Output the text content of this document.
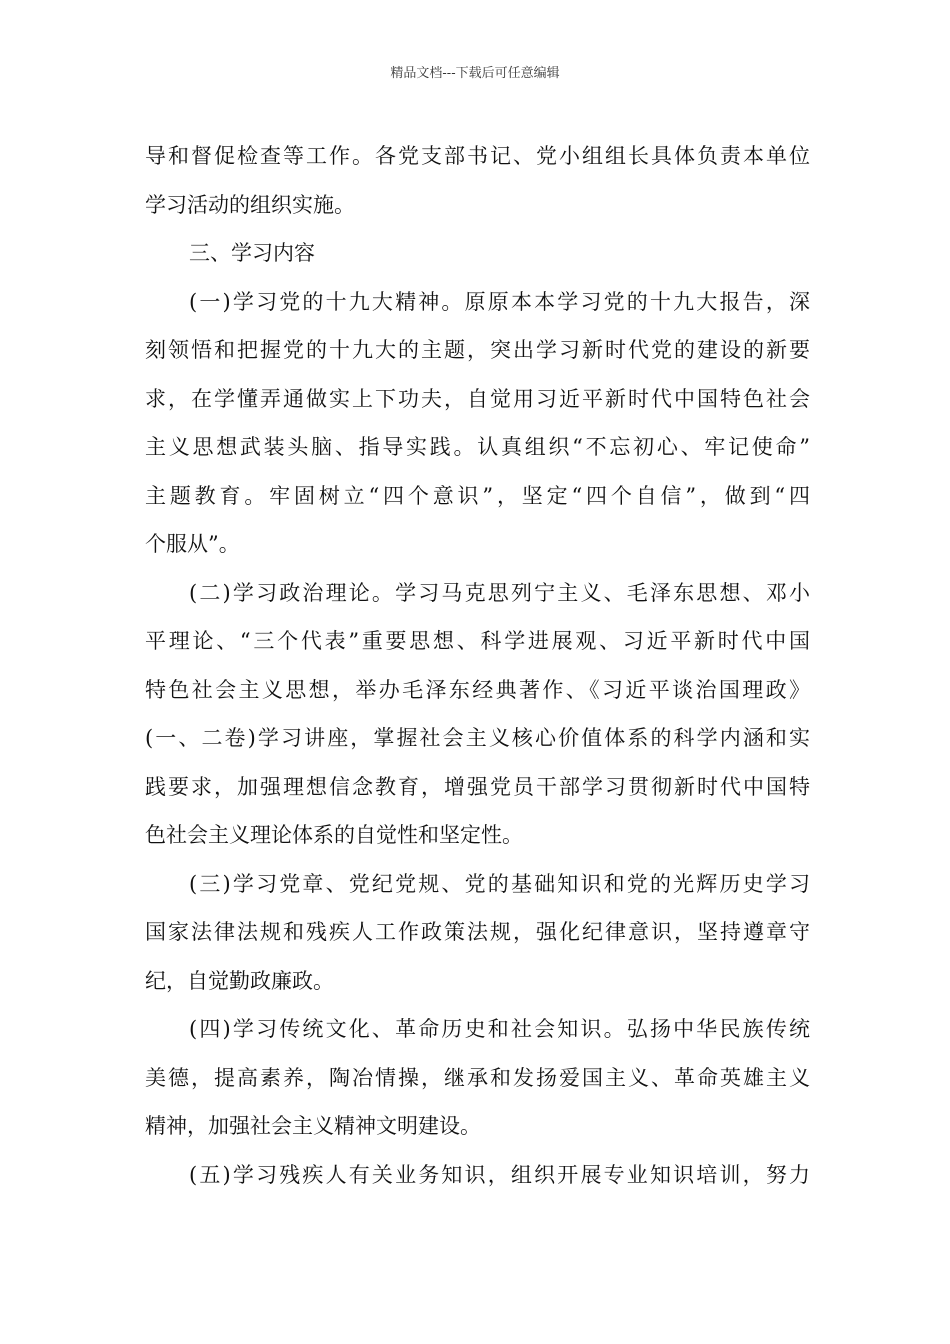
精品文档---下载后可任意编辑
导和督促检查等工作。各党支部书记、党小组组长具体负责本单位
学习活动的组织实施。
三、学习内容
(一)学习党的十九大精神。原原本本学习党的十九大报告，深
刻领悟和把握党的十九大的主题，突出学习新时代党的建设的新要
求，在学懂弄通做实上下功夫，自觉用习近平新时代中国特色社会
主义思想武装头脑、指导实践。认真组织“不忘初心、牢记使命”
主题教育。牢固树立“四个意识”，坚定“四个自信”，做到“四
个服从”。
(二)学习政治理论。学习马克思列宁主义、毛泽东思想、邓小
平理论、“三个代表”重要思想、科学进展观、习近平新时代中国
特色社会主义思想，举办毛泽东经典著作、《习近平谈治国理政》
(一、二卷)学习讲座，掌握社会主义核心价值体系的科学内涵和实
践要求，加强理想信念教育，增强党员干部学习贯彻新时代中国特
色社会主义理论体系的自觉性和坚定性。
(三)学习党章、党纪党规、党的基础知识和党的光辉历史学习
国家法律法规和残疾人工作政策法规，强化纪律意识，坚持遵章守
纪，自觉勤政廉政。
(四)学习传统文化、革命历史和社会知识。弘扬中华民族传统
美德，提高素养，陶冶情操，继承和发扬爱国主义、革命英雄主义
精神，加强社会主义精神文明建设。
(五)学习残疾人有关业务知识，组织开展专业知识培训，努力
